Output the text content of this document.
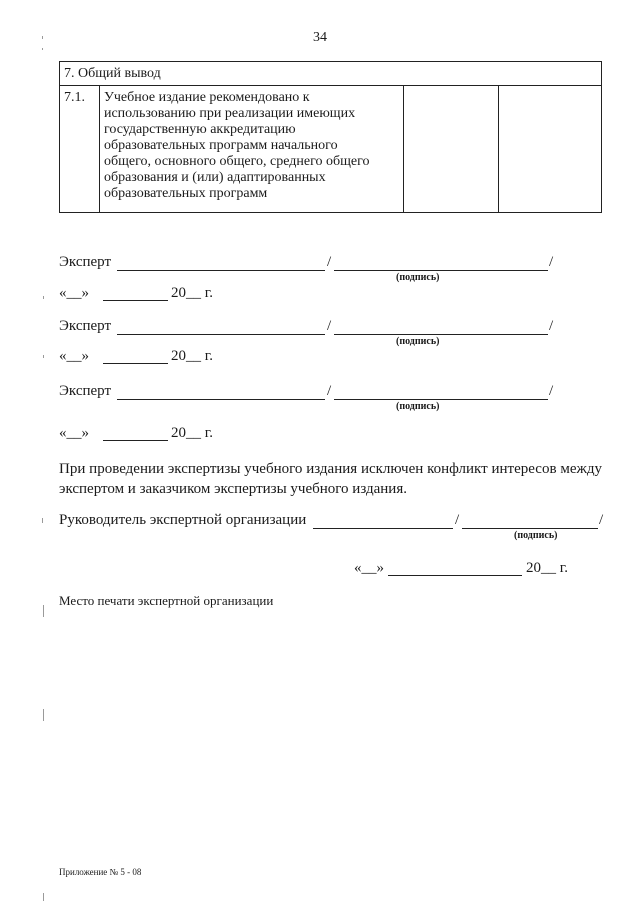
34
7. Общий вывод
7.1.	Учебное издание рекомендовано к
использованию при реализации имеющих
государственную аккредитацию
образовательных программ начального
общего, основного общего, среднего общего
образования и (или) адаптированных
образовательных программ

Эксперт	/	/
(подпись)
«__»	20__ г.
Эксперт	/	/
(подпись)
«__»	20__ г.
Эксперт	/	/
(подпись)
«__»	20__ г.
При проведении экспертизы учебного издания исключен конфликт интересов между экспертом и заказчиком экспертизы учебного издания.
Руководитель экспертной организации	/	/
(подпись)
«__»	20__ г.
Место печати экспертной организации
Приложение № 5 - 08
